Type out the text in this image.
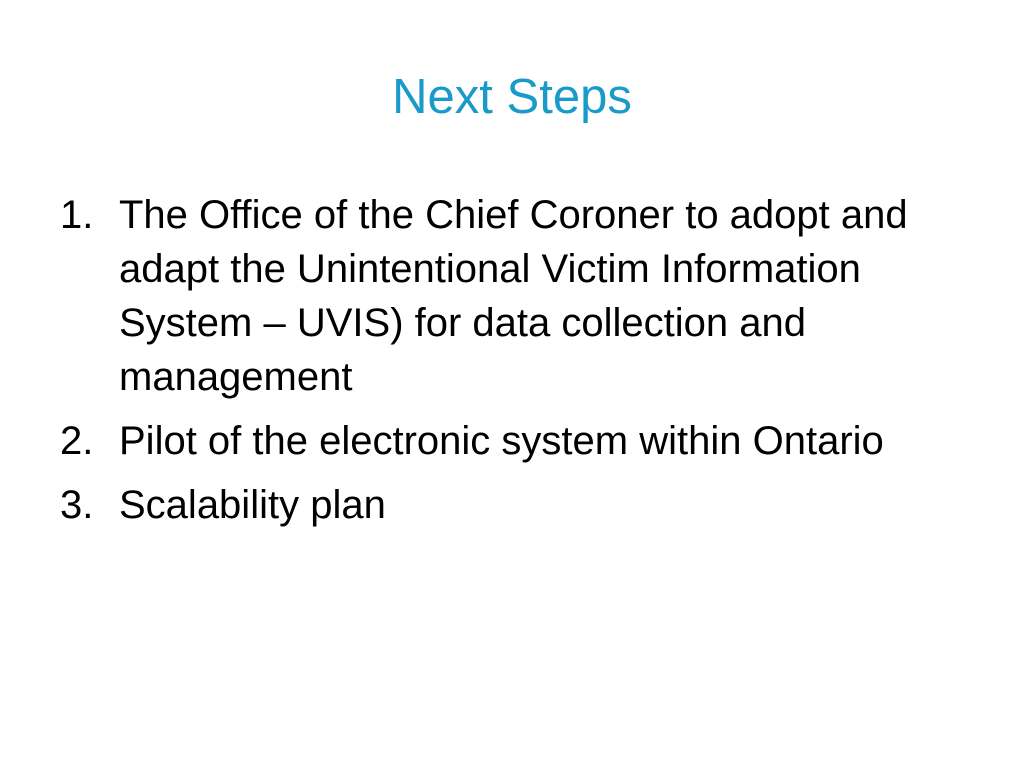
Next Steps
1. The Office of the Chief Coroner to adopt and adapt the Unintentional Victim Information System – UVIS) for data collection and management
2. Pilot of the electronic system within Ontario
3. Scalability plan
